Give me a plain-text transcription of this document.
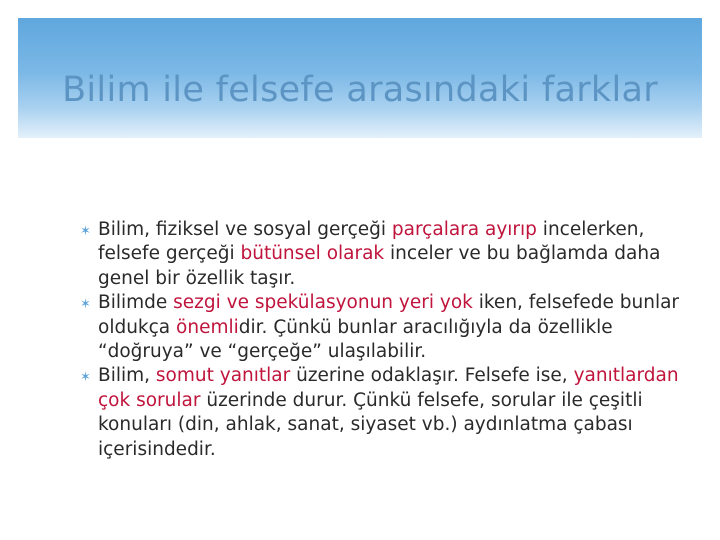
Bilim ile felsefe arasındaki farklar

✶ Bilim, fiziksel ve sosyal gerçeği parçalara ayırıp incelerken, felsefe gerçeği bütünsel olarak inceler ve bu bağlamda daha genel bir özellik taşır.

✶ Bilimde sezgi ve spekülasyonun yeri yok iken, felsefede bunlar oldukça önemlidir. Çünkü bunlar aracılığıyla da özellikle “doğruya” ve “gerçeğe” ulaşılabilir.

✶ Bilim, somut yanıtlar üzerine odaklaşır. Felsefe ise, yanıtlardan çok sorular üzerinde durur. Çünkü felsefe, sorular ile çeşitli konuları (din, ahlak, sanat, siyaset vb.) aydınlatma çabası içerisindedir.
